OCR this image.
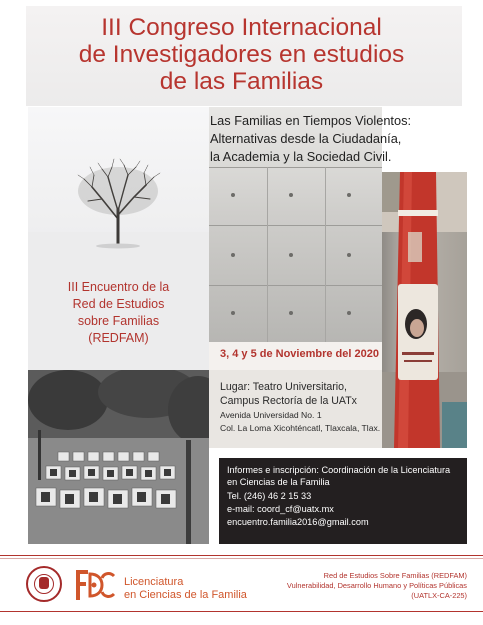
III Congreso Internacional
de Investigadores en estudios
de las Familias
III Encuentro de la
Red de Estudios
sobre Familias
(REDFAM)
Las Familias en Tiempos Violentos:
Alternativas desde la Ciudadanía,
la Academia y la Sociedad Civil.
3, 4 y 5 de Noviembre del 2020
Lugar: Teatro Universitario,
Campus Rectoría de la UATx
Avenida Universidad No. 1
Col. La Loma Xicohténcatl, Tlaxcala, Tlax.
Informes e inscripción: Coordinación de la Licenciatura
en Ciencias de la Familia
Tel. (246) 46 2 15 33
e-mail: coord_cf@uatx.mx
encuentro.familia2016@gmail.com
Licenciatura
en Ciencias de la Familia
Red de Estudios Sobre Familias (REDFAM)
Vulnerabilidad, Desarrollo Humano y Políticas Públicas
(UATLX-CA-225)
